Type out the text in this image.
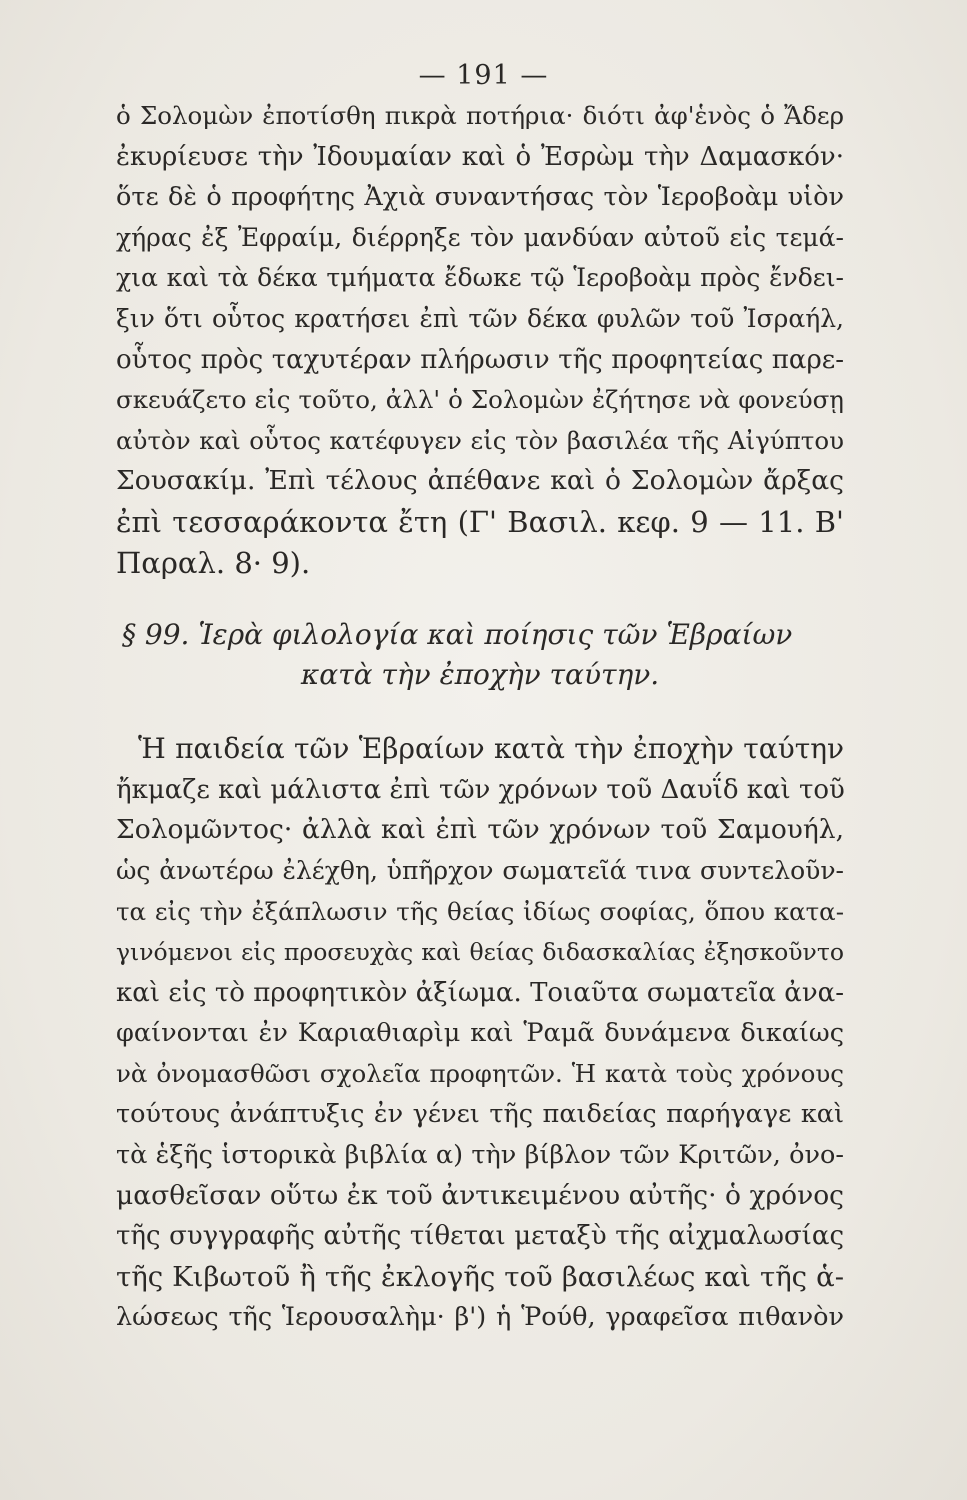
— 191 —
ὁ Σολομὼν ἐποτίσθη πικρὰ ποτήρια· διότι ἀφ'ἑνὸς ὁ Ἄδερ
ἐκυρίευσε τὴν Ἰδουμαίαν καὶ ὁ Ἐσρὼμ τὴν Δαμασκόν·
ὅτε δὲ ὁ προφήτης Ἀχιὰ συναντήσας τὸν Ἱεροβοὰμ υἱὸν
χήρας ἐξ Ἐφραίμ, διέρρηξε τὸν μανδύαν αὐτοῦ εἰς τεμά-
χια καὶ τὰ δέκα τμήματα ἔδωκε τῷ Ἱεροβοὰμ πρὸς ἔνδει-
ξιν ὅτι οὗτος κρατήσει ἐπὶ τῶν δέκα φυλῶν τοῦ Ἰσραήλ,
οὗτος πρὸς ταχυτέραν πλήρωσιν τῆς προφητείας παρε-
σκευάζετο εἰς τοῦτο, ἀλλ' ὁ Σολομὼν ἐζήτησε νὰ φονεύσῃ
αὐτὸν καὶ οὗτος κατέφυγεν εἰς τὸν βασιλέα τῆς Αἰγύπτου
Σουσακίμ. Ἐπὶ τέλους ἀπέθανε καὶ ὁ Σολομὼν ἄρξας
ἐπὶ τεσσαράκοντα ἔτη (Γ' Βασιλ. κεφ. 9 — 11. Β'
Παραλ. 8· 9).
§ 99. Ἱερὰ φιλολογία καὶ ποίησις τῶν Ἑβραίων
κατὰ τὴν ἐποχὴν ταύτην.
Ἡ παιδεία τῶν Ἑβραίων κατὰ τὴν ἐποχὴν ταύτην
ἤκμαζε καὶ μάλιστα ἐπὶ τῶν χρόνων τοῦ Δαυΐδ καὶ τοῦ
Σολομῶντος· ἀλλὰ καὶ ἐπὶ τῶν χρόνων τοῦ Σαμουήλ,
ὡς ἀνωτέρω ἐλέχθη, ὑπῆρχον σωματεῖά τινα συντελοῦν-
τα εἰς τὴν ἐξάπλωσιν τῆς θείας ἰδίως σοφίας, ὅπου κατα-
γινόμενοι εἰς προσευχὰς καὶ θείας διδασκαλίας ἐξησκοῦντο
καὶ εἰς τὸ προφητικὸν ἀξίωμα. Τοιαῦτα σωματεῖα ἀνα-
φαίνονται ἐν Καριαθιαρὶμ καὶ Ῥαμᾶ δυνάμενα δικαίως
νὰ ὀνομασθῶσι σχολεῖα προφητῶν. Ἡ κατὰ τοὺς χρόνους
τούτους ἀνάπτυξις ἐν γένει τῆς παιδείας παρήγαγε καὶ
τὰ ἑξῆς ἱστορικὰ βιβλία α) τὴν βίβλον τῶν Κριτῶν, ὀνο-
μασθεῖσαν οὕτω ἐκ τοῦ ἀντικειμένου αὐτῆς· ὁ χρόνος
τῆς συγγραφῆς αὐτῆς τίθεται μεταξὺ τῆς αἰχμαλωσίας
τῆς Κιβωτοῦ ἢ τῆς ἐκλογῆς τοῦ βασιλέως καὶ τῆς ἁ-
λώσεως τῆς Ἱερουσαλὴμ· β') ἡ Ῥούθ, γραφεῖσα πιθανὸν
